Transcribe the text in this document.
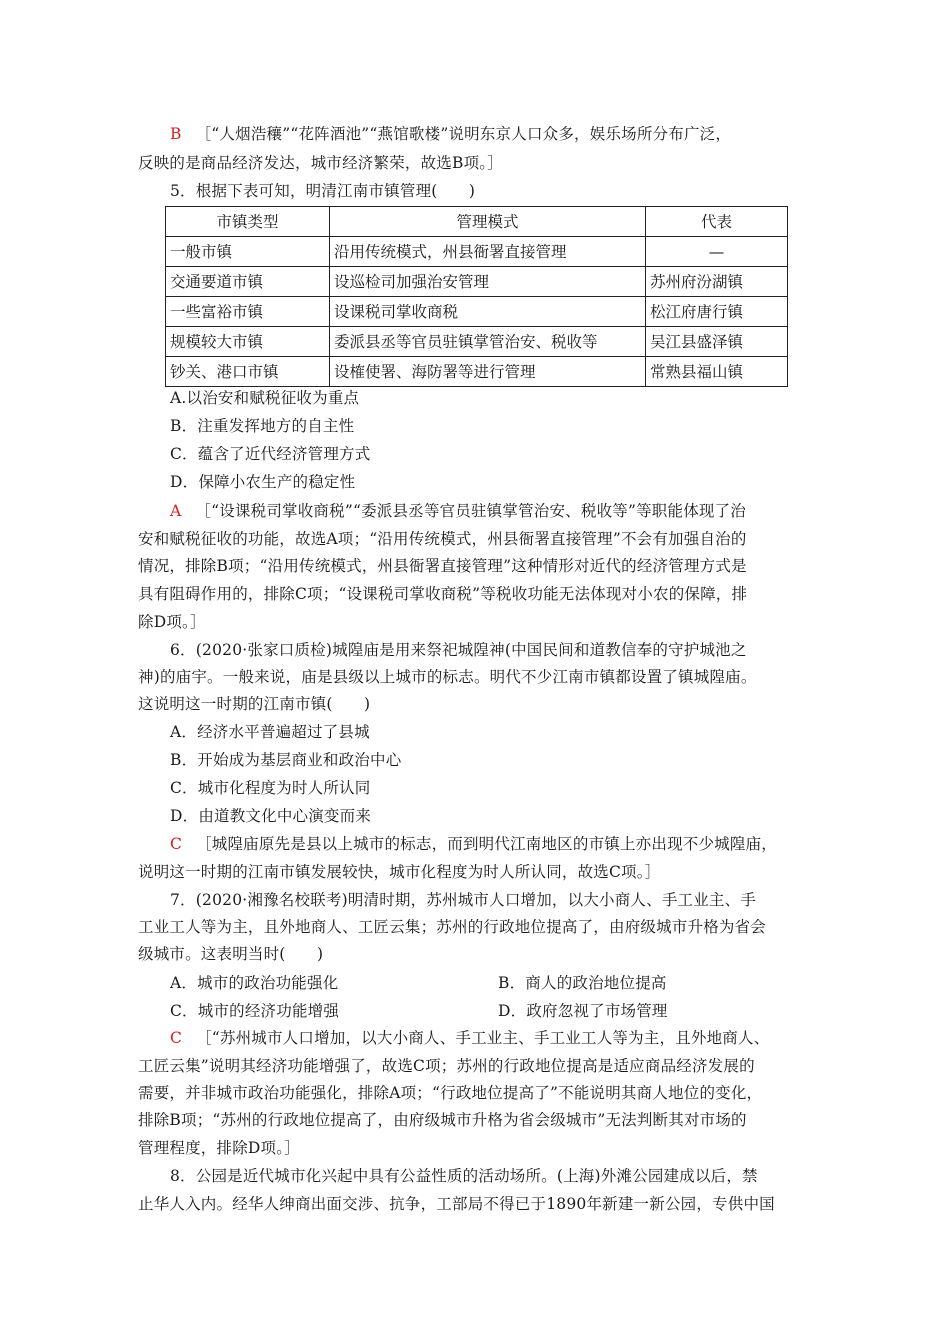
B ［“人烟浩穰”“花阵酒池”“燕馆歌楼”说明东京人口众多，娱乐场所分布广泛，
反映的是商品经济发达，城市经济繁荣，故选B项。］
5．根据下表可知，明清江南市镇管理(　　)
市镇类型	管理模式	代表
一般市镇	沿用传统模式，州县衙署直接管理	—
交通要道市镇	设巡检司加强治安管理	苏州府汾湖镇
一些富裕市镇	设课税司掌收商税	松江府唐行镇
规模较大市镇	委派县丞等官员驻镇掌管治安、税收等	吴江县盛泽镇
钞关、港口市镇	设榷使署、海防署等进行管理	常熟县福山镇
A.以治安和赋税征收为重点
B．注重发挥地方的自主性
C．蕴含了近代经济管理方式
D．保障小农生产的稳定性
A ［“设课税司掌收商税”“委派县丞等官员驻镇掌管治安、税收等”等职能体现了治
安和赋税征收的功能，故选A项；“沿用传统模式，州县衙署直接管理”不会有加强自治的
情况，排除B项；“沿用传统模式，州县衙署直接管理”这种情形对近代的经济管理方式是
具有阻碍作用的，排除C项；“设课税司掌收商税”等税收功能无法体现对小农的保障，排
除D项。］
6．(2020·张家口质检)城隍庙是用来祭祀城隍神(中国民间和道教信奉的守护城池之
神)的庙宇。一般来说，庙是县级以上城市的标志。明代不少江南市镇都设置了镇城隍庙。
这说明这一时期的江南市镇(　　)
A．经济水平普遍超过了县城
B．开始成为基层商业和政治中心
C．城市化程度为时人所认同
D．由道教文化中心演变而来
C ［城隍庙原先是县以上城市的标志，而到明代江南地区的市镇上亦出现不少城隍庙，
说明这一时期的江南市镇发展较快，城市化程度为时人所认同，故选C项。］
7．(2020·湘豫名校联考)明清时期，苏州城市人口增加，以大小商人、手工业主、手
工业工人等为主，且外地商人、工匠云集；苏州的行政地位提高了，由府级城市升格为省会
级城市。这表明当时(　　)
A．城市的政治功能强化	B．商人的政治地位提高
C．城市的经济功能增强	D．政府忽视了市场管理
C ［“苏州城市人口增加，以大小商人、手工业主、手工业工人等为主，且外地商人、
工匠云集”说明其经济功能增强了，故选C项；苏州的行政地位提高是适应商品经济发展的
需要，并非城市政治功能强化，排除A项；“行政地位提高了”不能说明其商人地位的变化，
排除B项；“苏州的行政地位提高了，由府级城市升格为省会级城市”无法判断其对市场的
管理程度，排除D项。］
8．公园是近代城市化兴起中具有公益性质的活动场所。(上海)外滩公园建成以后，禁
止华人入内。经华人绅商出面交涉、抗争，工部局不得已于1890年新建一新公园，专供中国
